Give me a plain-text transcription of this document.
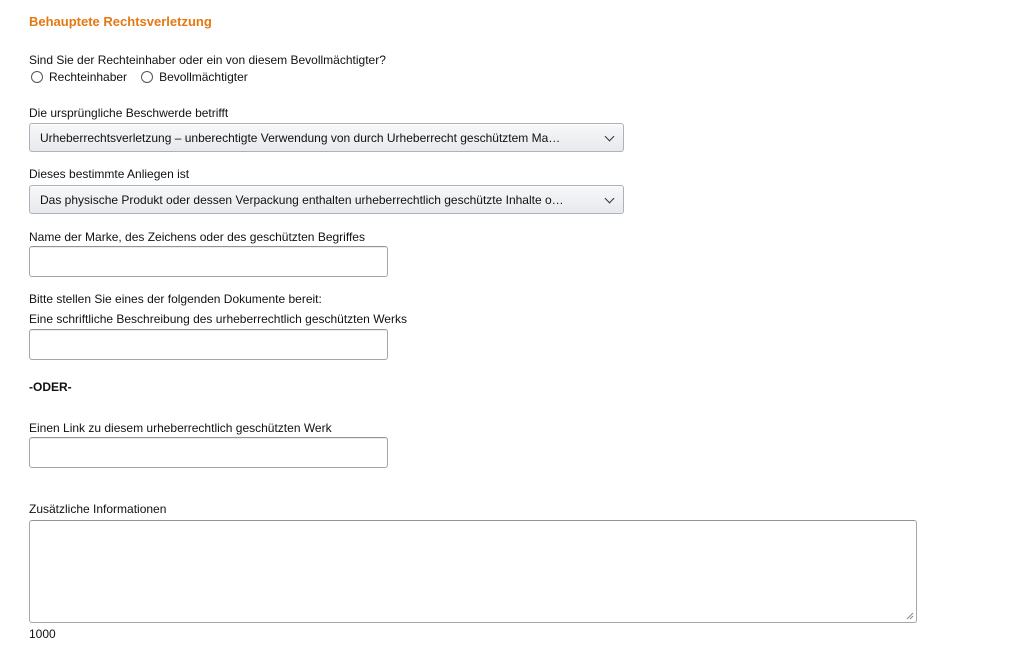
Behauptete Rechtsverletzung
Sind Sie der Rechteinhaber oder ein von diesem Bevollmächtigter?
Rechteinhaber	Bevollmächtigter
Die ursprüngliche Beschwerde betrifft
Urheberrechtsverletzung – unberechtigte Verwendung von durch Urheberrecht geschütztem Ma…
Dieses bestimmte Anliegen ist
Das physische Produkt oder dessen Verpackung enthalten urheberrechtlich geschützte Inhalte o…
Name der Marke, des Zeichens oder des geschützten Begriffes
Bitte stellen Sie eines der folgenden Dokumente bereit:
Eine schriftliche Beschreibung des urheberrechtlich geschützten Werks
-ODER-
Einen Link zu diesem urheberrechtlich geschützten Werk
Zusätzliche Informationen
1000
